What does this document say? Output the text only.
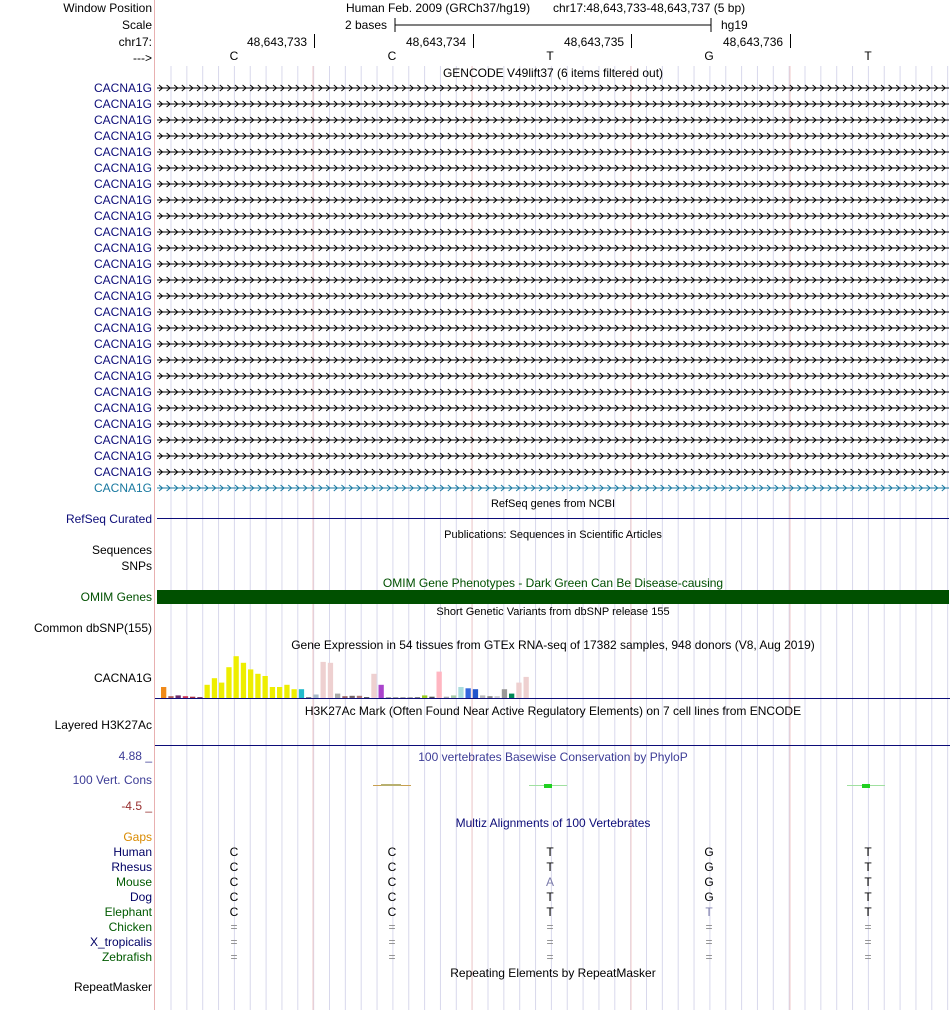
Window Position
Scale
chr17:
--->
Human Feb. 2009 (GRCh37/hg19) chr17:48,643,733-48,643,737 (5 bp)
2 bases	hg19
48,643,733	48,643,734	48,643,735	48,643,736
C	C	T	G	T
GENCODE V49lift37 (6 items filtered out)
CACNA1G
CACNA1G
CACNA1G
CACNA1G
CACNA1G
CACNA1G
CACNA1G
CACNA1G
CACNA1G
CACNA1G
CACNA1G
CACNA1G
CACNA1G
CACNA1G
CACNA1G
CACNA1G
CACNA1G
CACNA1G
CACNA1G
CACNA1G
CACNA1G
CACNA1G
CACNA1G
CACNA1G
CACNA1G
CACNA1G
RefSeq genes from NCBI
RefSeq Curated
Publications: Sequences in Scientific Articles
Sequences
SNPs
OMIM Gene Phenotypes - Dark Green Can Be Disease-causing
OMIM Genes
Short Genetic Variants from dbSNP release 155
Common dbSNP(155)
Gene Expression in 54 tissues from GTEx RNA-seq of 17382 samples, 948 donors (V8, Aug 2019)
CACNA1G
H3K27Ac Mark (Often Found Near Active Regulatory Elements) on 7 cell lines from ENCODE
Layered H3K27Ac
4.88 _	100 vertebrates Basewise Conservation by PhyloP
100 Vert. Cons
-4.5 _
Multiz Alignments of 100 Vertebrates
Gaps
Human	C	C	T	G	T
Rhesus	C	C	T	G	T
Mouse	C	C	A	G	T
Dog	C	C	T	G	T
Elephant	C	C	T	T	T
Chicken	=	=	=	=	=
X_tropicalis	=	=	=	=	=
Zebrafish	=	=	=	=	=
Repeating Elements by RepeatMasker
RepeatMasker
